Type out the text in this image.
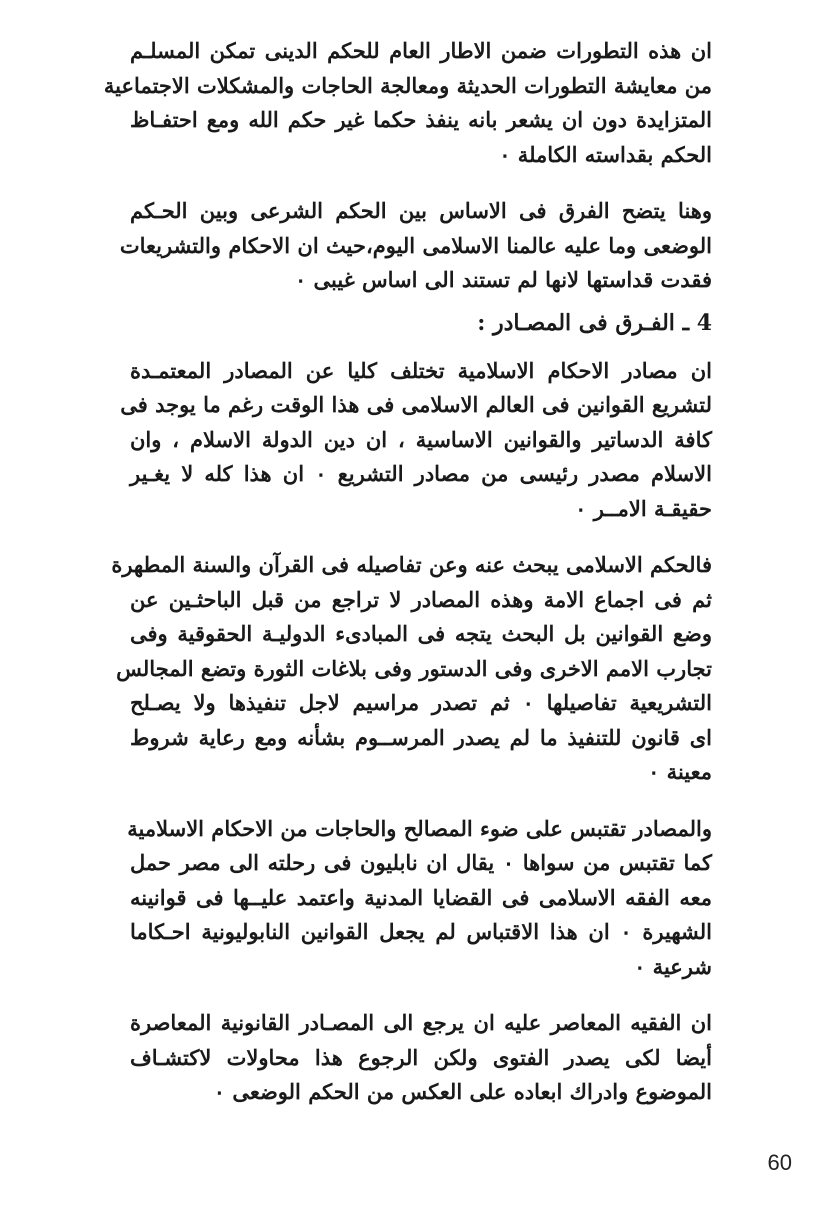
ان هذه التطورات ضمن الاطار العام للحكم الدينى تمكن المسلـم
من معايشة التطورات الحديثة ومعالجة الحاجات والمشكلات الاجتماعية
المتزايدة دون ان يشعر بانه ينفذ حكما غير حكم الله ومع احتفـاظ
الحكم بقداسته الكاملة ٠
وهنا يتضح الفرق فى الاساس بين الحكم الشرعى وبين الحـكم
الوضعى وما عليه عالمنا الاسلامى اليوم،حيث ان الاحكام والتشريعات
فقدت قداستها لانها لم تستند الى اساس غيبى ٠
4 ـ الفـرق فى المصـادر :
ان مصادر الاحكام الاسلامية تختلف كليا عن المصادر المعتمـدة
لتشريع القوانين فى العالم الاسلامى فى هذا الوقت رغم ما يوجد فى
كافة الدساتير والقوانين الاساسية ، ان دين الدولة الاسلام ، وان
الاسلام مصدر رئيسى من مصادر التشريع ٠ ان هذا كله لا يغـير
حقيقـة الامــر ٠
فالحكم الاسلامى يبحث عنه وعن تفاصيله فى القرآن والسنة المطهرة
ثم فى اجماع الامة وهذه المصادر لا تراجع من قبل الباحثـين عن
وضع القوانين بل البحث يتجه فى المبادىء الدوليـة الحقوقية وفى
تجارب الامم الاخرى وفى الدستور وفى بلاغات الثورة وتضع المجالس
التشريعية تفاصيلها ٠ ثم تصدر مراسيم لاجل تنفيذها ولا يصـلح
اى قانون للتنفيذ ما لم يصدر المرســوم بشأنه ومع رعاية شروط
معينة ٠
والمصادر تقتبس على ضوء المصالح والحاجات من الاحكام الاسلامية
كما تقتبس من سواها ٠ يقال ان نابليون فى رحلته الى مصر حمل
معه الفقه الاسلامى فى القضايا المدنية واعتمد عليــها فى قوانينه
الشهيرة ٠ ان هذا الاقتباس لم يجعل القوانين النابوليونية احـكاما
شرعية ٠
ان الفقيه المعاصر عليه ان يرجع الى المصـادر القانونية المعاصرة
أيضا لكى يصدر الفتوى ولكن الرجوع هذا محاولات لاكتشـاف
الموضوع وادراك ابعاده على العكس من الحكم الوضعى ٠
60
